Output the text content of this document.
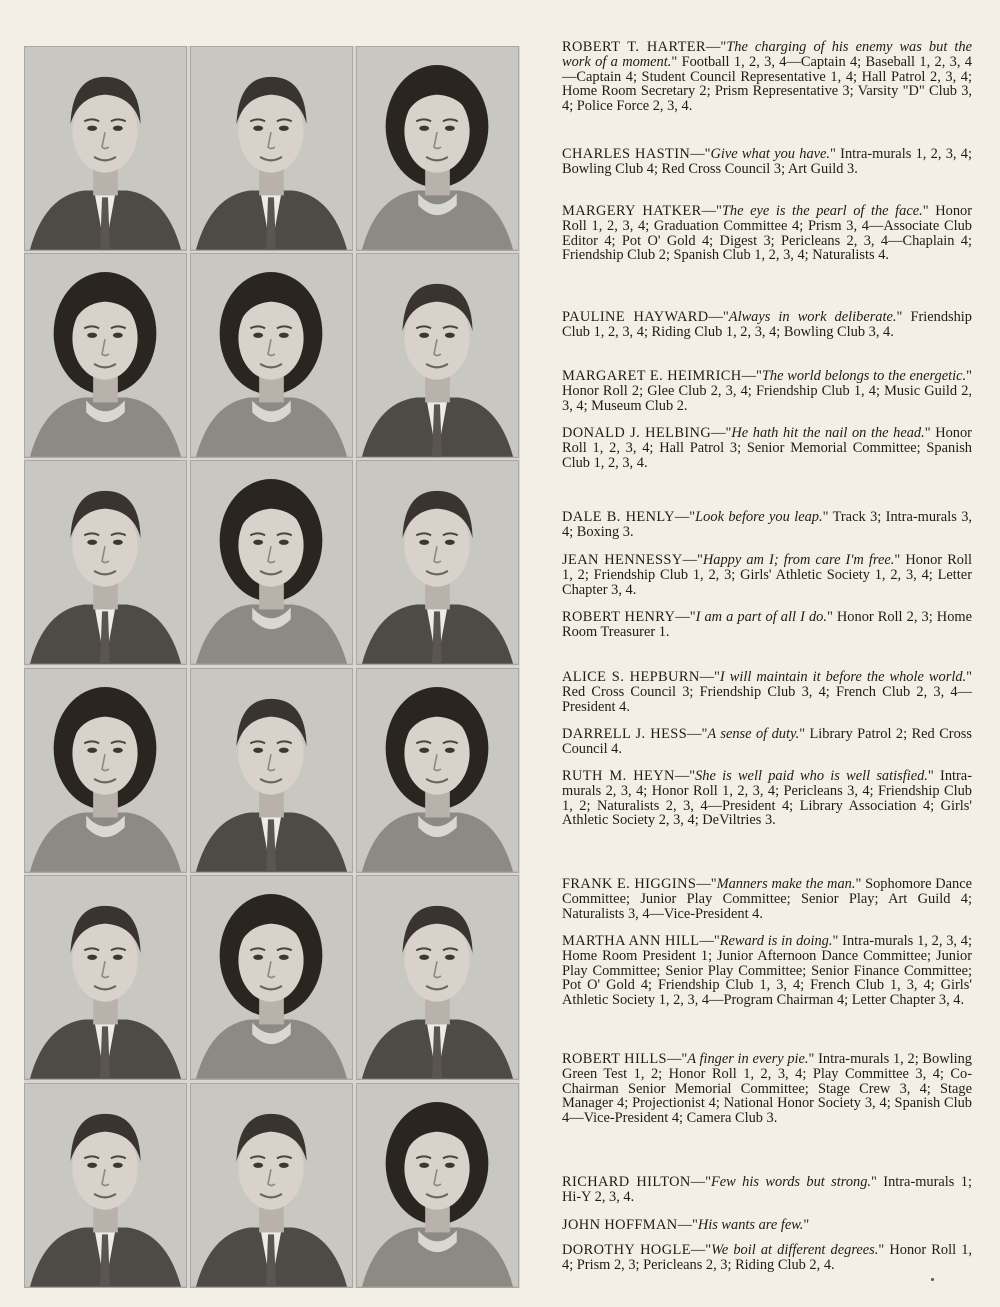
ROBERT T. HARTER—"The charging of his enemy was but the work of a moment." Football 1, 2, 3, 4—Captain 4; Baseball 1, 2, 3, 4—Captain 4; Student Council Representative 1, 4; Hall Patrol 2, 3, 4; Home Room Secretary 2; Prism Representative 3; Varsity "D" Club 3, 4; Police Force 2, 3, 4.
CHARLES HASTIN—"Give what you have." Intra-murals 1, 2, 3, 4; Bowling Club 4; Red Cross Council 3; Art Guild 3.
MARGERY HATKER—"The eye is the pearl of the face." Honor Roll 1, 2, 3, 4; Graduation Committee 4; Prism 3, 4—Associate Club Editor 4; Pot O' Gold 4; Digest 3; Pericleans 2, 3, 4—Chaplain 4; Friendship Club 2; Spanish Club 1, 2, 3, 4; Naturalists 4.
PAULINE HAYWARD—"Always in work deliberate." Friendship Club 1, 2, 3, 4; Riding Club 1, 2, 3, 4; Bowling Club 3, 4.
MARGARET E. HEIMRICH—"The world belongs to the energetic." Honor Roll 2; Glee Club 2, 3, 4; Friendship Club 1, 4; Music Guild 2, 3, 4; Museum Club 2.
DONALD J. HELBING—"He hath hit the nail on the head." Honor Roll 1, 2, 3, 4; Hall Patrol 3; Senior Memorial Committee; Spanish Club 1, 2, 3, 4.
DALE B. HENLY—"Look before you leap." Track 3; Intra-murals 3, 4; Boxing 3.
JEAN HENNESSY—"Happy am I; from care I'm free." Honor Roll 1, 2; Friendship Club 1, 2, 3; Girls' Athletic Society 1, 2, 3, 4; Letter Chapter 3, 4.
ROBERT HENRY—"I am a part of all I do." Honor Roll 2, 3; Home Room Treasurer 1.
ALICE S. HEPBURN—"I will maintain it before the whole world." Red Cross Council 3; Friendship Club 3, 4; French Club 2, 3, 4—President 4.
DARRELL J. HESS—"A sense of duty." Library Patrol 2; Red Cross Council 4.
RUTH M. HEYN—"She is well paid who is well satisfied." Intra-murals 2, 3, 4; Honor Roll 1, 2, 3, 4; Pericleans 3, 4; Friendship Club 1, 2; Naturalists 2, 3, 4—President 4; Library Association 4; Girls' Athletic Society 2, 3, 4; DeViltries 3.
FRANK E. HIGGINS—"Manners make the man." Sophomore Dance Committee; Junior Play Committee; Senior Play; Art Guild 4; Naturalists 3, 4—Vice-President 4.
MARTHA ANN HILL—"Reward is in doing." Intra-murals 1, 2, 3, 4; Home Room President 1; Junior Afternoon Dance Committee; Junior Play Committee; Senior Play Committee; Senior Finance Committee; Pot O' Gold 4; Friendship Club 1, 3, 4; French Club 1, 3, 4; Girls' Athletic Society 1, 2, 3, 4—Program Chairman 4; Letter Chapter 3, 4.
ROBERT HILLS—"A finger in every pie." Intra-murals 1, 2; Bowling Green Test 1, 2; Honor Roll 1, 2, 3, 4; Play Committee 3, 4; Co-Chairman Senior Memorial Committee; Stage Crew 3, 4; Stage Manager 4; Projectionist 4; National Honor Society 3, 4; Spanish Club 4—Vice-President 4; Camera Club 3.
RICHARD HILTON—"Few his words but strong." Intra-murals 1; Hi-Y 2, 3, 4.
JOHN HOFFMAN—"His wants are few."
DOROTHY HOGLE—"We boil at different degrees." Honor Roll 1, 4; Prism 2, 3; Pericleans 2, 3; Riding Club 2, 4.
